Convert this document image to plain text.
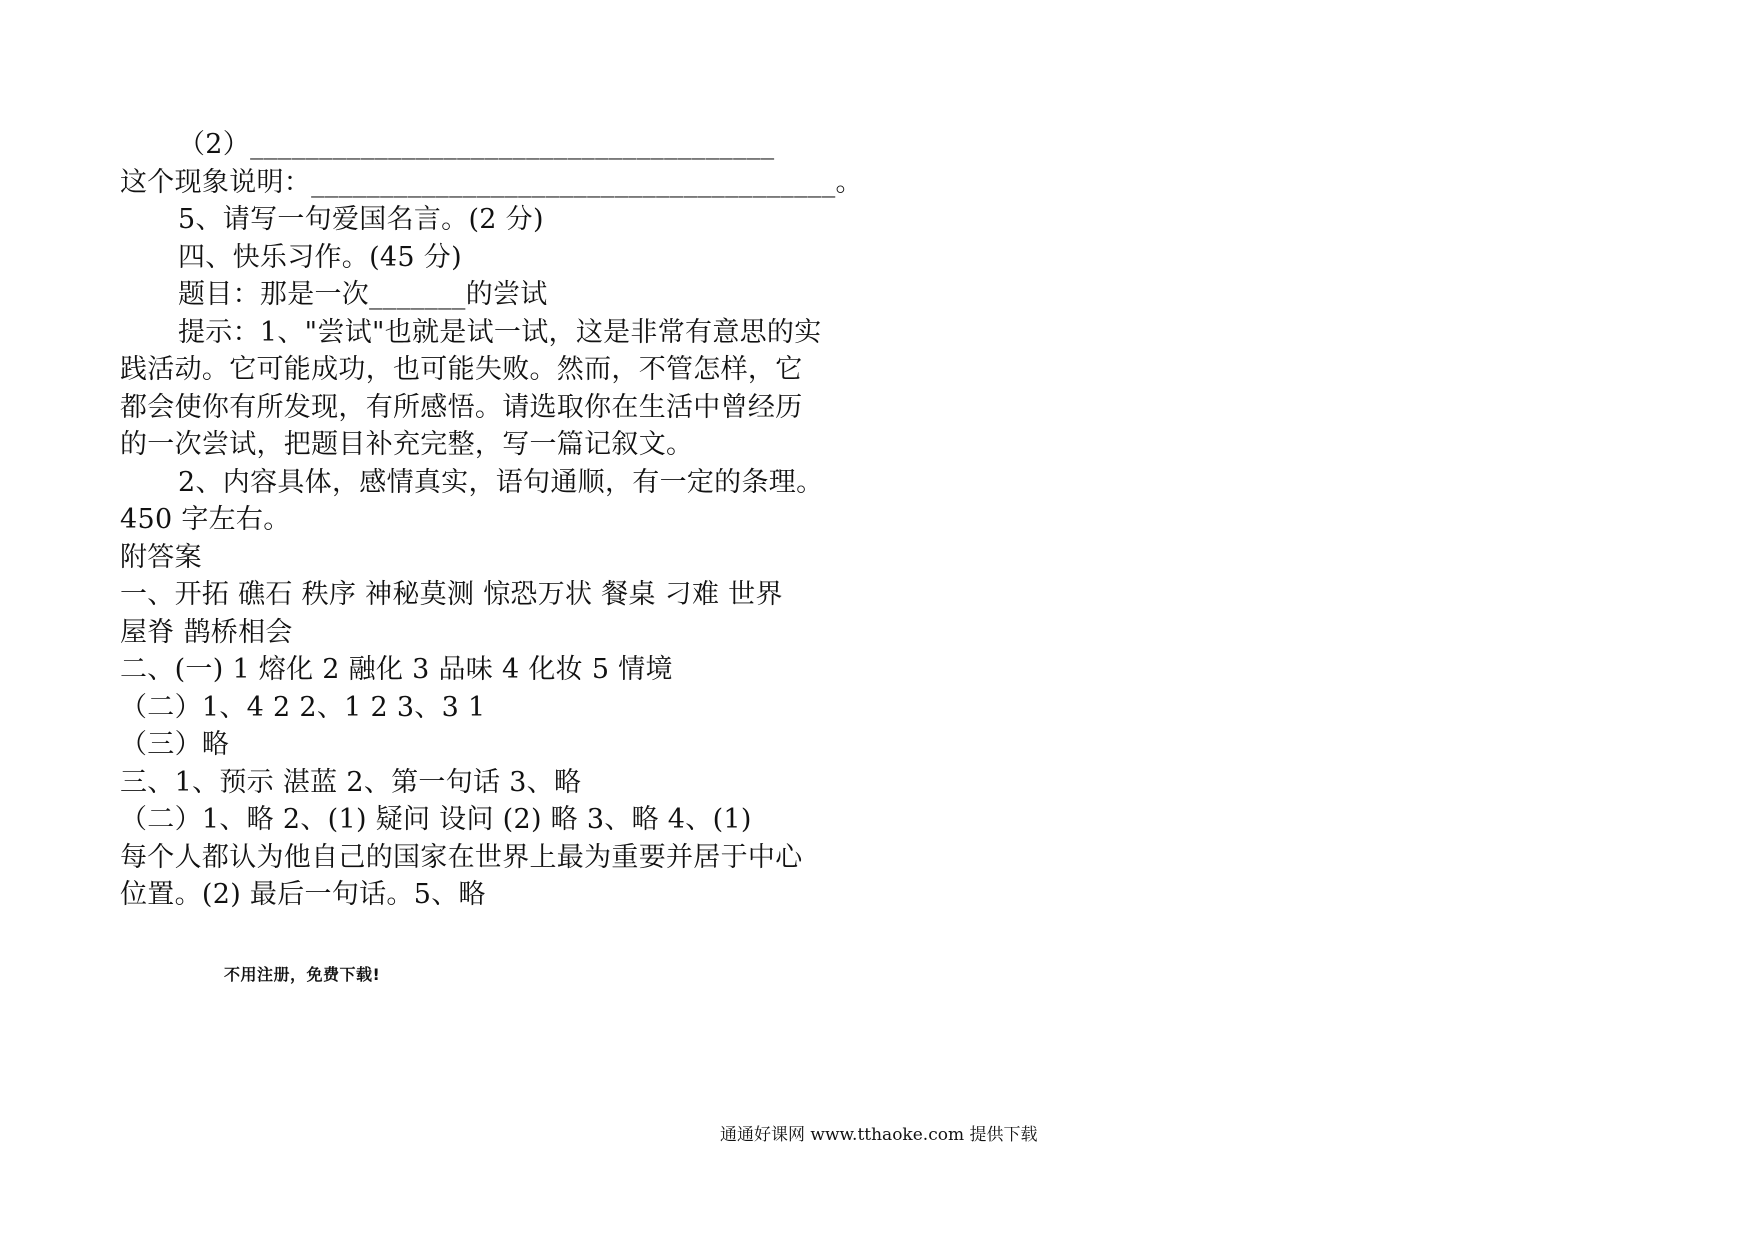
（2）______________________________________
这个现象说明：______________________________________。
5、请写一句爱国名言。(2 分)
四、快乐习作。(45 分)
题目：那是一次_______的尝试
提示：1、"尝试"也就是试一试，这是非常有意思的实
践活动。它可能成功，也可能失败。然而，不管怎样，它
都会使你有所发现，有所感悟。请选取你在生活中曾经历
的一次尝试，把题目补充完整，写一篇记叙文。
2、内容具体，感情真实，语句通顺，有一定的条理。
450 字左右。
附答案
一、开拓 礁石 秩序 神秘莫测 惊恐万状 餐桌 刁难 世界
屋脊 鹊桥相会
二、(一) 1 熔化 2 融化 3 品味 4 化妆 5 情境
（二）1、4 2 2、1 2 3、3 1
（三）略
三、1、预示 湛蓝 2、第一句话 3、略
（二）1、略 2、(1) 疑问 设问 (2) 略 3、略 4、(1)
每个人都认为他自己的国家在世界上最为重要并居于中心
位置。(2) 最后一句话。5、略
不用注册，免费下载!
通通好课网 www.tthaoke.com 提供下载
